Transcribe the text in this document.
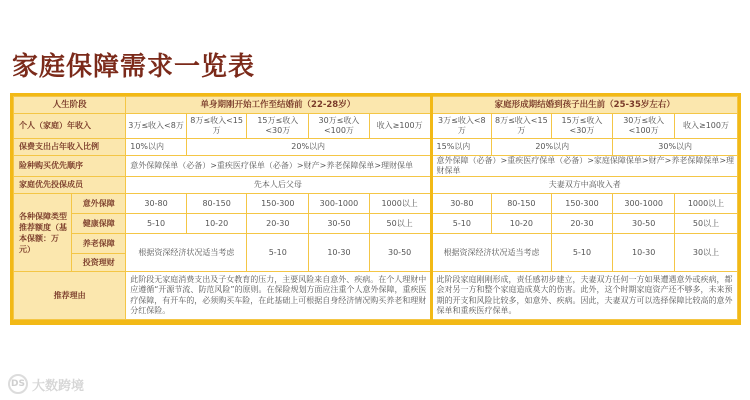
家庭保障需求一览表
人生阶段		单身期刚开始工作至结婚前（22-28岁）					家庭形成期结婚到孩子出生前（25-35岁左右）				
个人（家庭）年收入		3万≤收入<8万	8万≤收入<15万	15万≤收入<30万	30万≤收入<100万	收入≥100万	3万≤收入<8万	8万≤收入<15万	15万≤收入<30万	30万≤收入<100万	收入≥100万
保费支出占年收入比例		10%以内	20%以内				15%以内	20%以内		30%以内	
险种购买优先顺序		意外保障保单（必备）>重疾医疗保单（必备）>财产>养老保障保单>理财保单					意外保障（必备）>重疾医疗保单（必备）>家庭保障保单>财产>养老保障保单>理财保单				
家庭优先投保成员		先本人后父母					夫妻双方中高收入者				
各种保障类型推荐额度（基本保额：万元）	意外保障	30-80	80-150	150-300	300-1000	1000以上	30-80	80-150	150-300	300-1000	1000以上
	健康保障	5-10	10-20	20-30	30-50	50以上	5-10	10-20	20-30	30-50	50以上
	养老保障	根据资深经济状况适当考虑		5-10	10-30	30-50	根据资深经济状况适当考虑		5-10	10-30	30以上
	投资理财										
推荐理由		此阶段无家庭消费支出及子女教育的压力，主要风险来自意外、疾病。在个人理财中应遵循“开源节流、防范风险”的原则。在保险规划方面应注重个人意外保障，重疾医疗保障，有开车的，必须购买车险，在此基础上可根据自身经济情况购买养老和理财分红保险。					此阶段家庭刚刚形成，责任感初步建立，夫妻双方任何一方如果遭遇意外或疾病，都会对另一方和整个家庭造成莫大的伤害。此外，这个时期家庭资产还不够多，未来预期的开支和风险比较多，如意外、疾病。因此，夫妻双方可以选择保障比较高的意外保单和重疾医疗保单。				
DS 大数跨境
